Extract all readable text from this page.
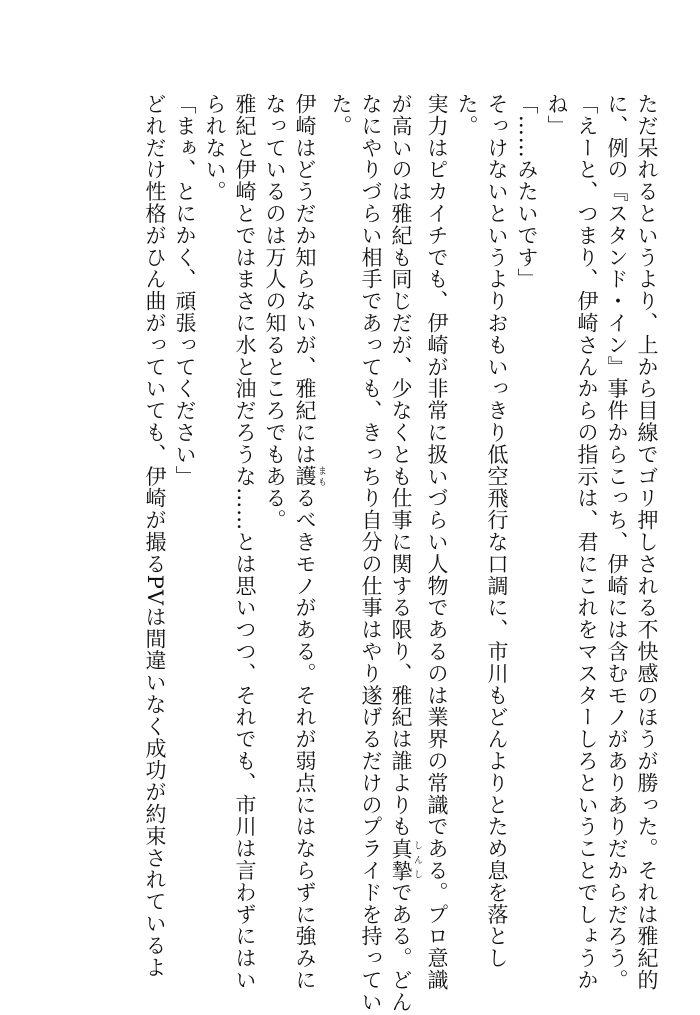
ただ呆れるというより、上から目線でゴリ押しされる不快感のほうが勝った。それは雅紀的

に、例の『スタンド・イン』事件からこっち、伊崎には含むモノがありありだからだろう。

「えーと、つまり、伊崎さんからの指示は、君にこれをマスターしろということでしょうか

ね」

「……みたいです」

そっけないというよりおもいっきり低空飛行な口調に、市川もどんよりとため息を落とし

た。

実力はピカイチでも、伊崎が非常に扱いづらい人物であるのは業界の常識である。プロ意識

が高いのは雅紀も同じだが、少なくとも仕事に関する限り、雅紀は誰よりも真摯 しんしである。どん

なにやりづらい相手であっても、きっちり自分の仕事はやり遂げるだけのプライドを持ってい

た。

伊崎はどうだか知らないが、雅紀には護 まもるべきモノがある。それが弱点にはならずに強みに

なっているのは万人の知るところでもある。

雅紀と伊崎とではまさに水と油だろうな……とは思いつつ、それでも、市川は言わずにはい

られない。

「まぁ、とにかく、頑張ってください」

どれだけ性格がひん曲がっていても、伊崎が撮るPVは間違いなく成功が約束されているよ
